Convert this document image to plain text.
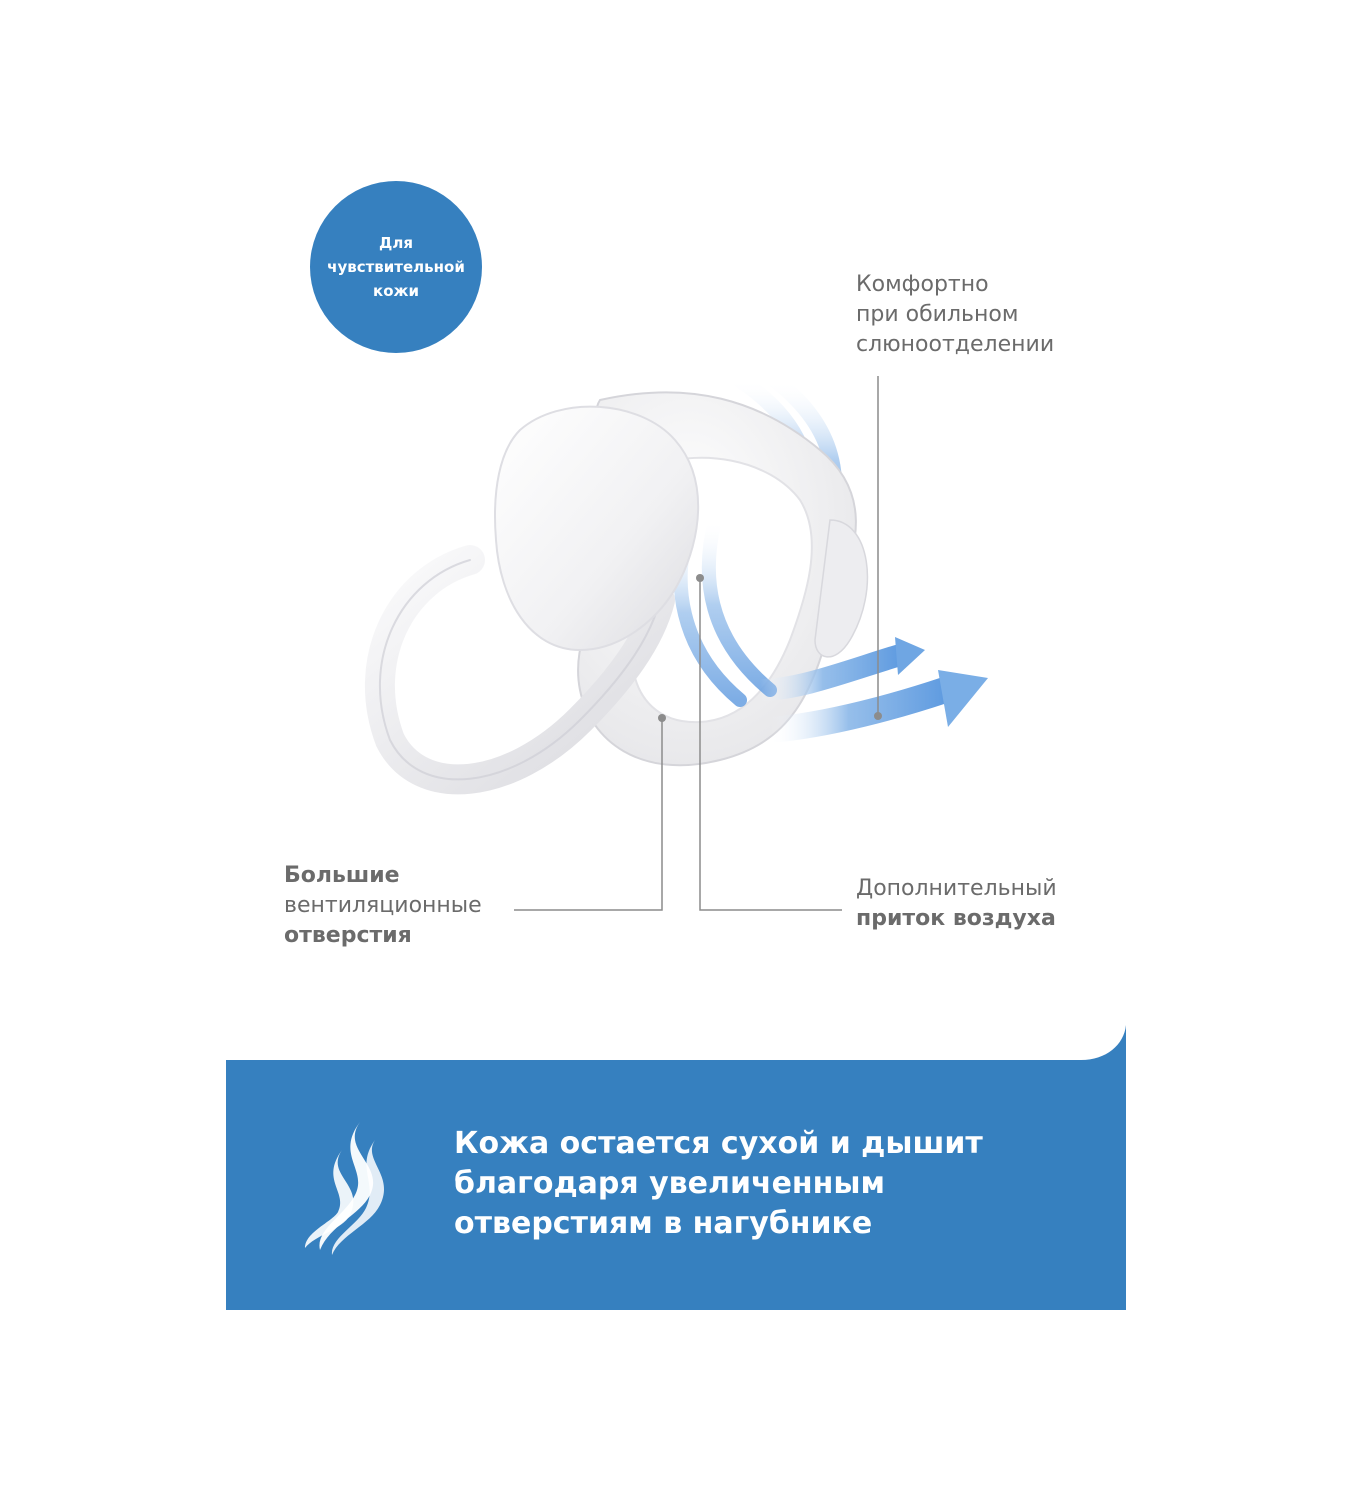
Для
чувствительной
кожи	Комфортно
при обильном
слюноотделении
Большие
вентиляционные
отверстия
Дополнительный
приток воздуха
Кожа остается сухой и дышит
благодаря увеличенным
отверстиям в нагубнике
